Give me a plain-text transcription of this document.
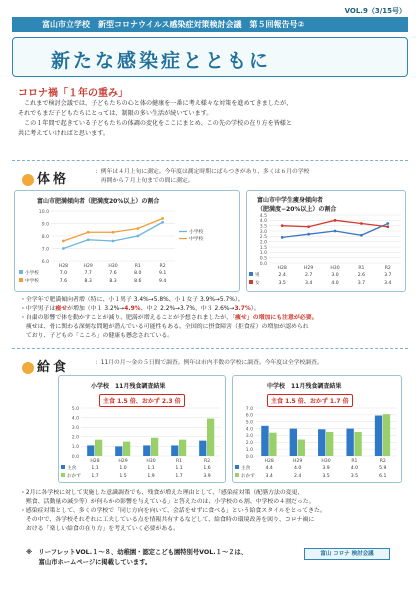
VOL.9（3/15号）
富山市立学校　新型コロナウイルス感染症対策検討会議　第５回報告号②
新たな感染症とともに
コロナ禍「１年の重み」
　これまで検討会議では、子どもたちの心と体の健康を一番に考え様々な対策を進めてきましたが、
それでもまだ子どもたちにとっては、制限の多い生活が続いています。
　この１年間で起きている子どもたちの体調の変化をここにまとめ、この先の学校の在り方を皆様と
共に考えていければと思います。
体格	：例年は４月上旬に測定。今年度は測定時期にばらつきがあり、多くは６月の学校
　再開から７月上旬までの間に測定。
富山市肥満傾向者（肥満度20%以上）の割合
10.0
9.0
8.0
7.0
6.0
H28	H29	H30	R1	R2
小学校	7.0	7.7	7.6	8.0	9.1
中学校	7.6	8.3	8.3	8.6	9.4
小学校
中学校
富山市中学生痩身傾向者
（肥満度−20%以上）の割合
4.5
4.0
3.5
3.0
2.5
2.0
1.5
1.0
0.5
0.0
H28	H29	H30	R1	R2
男	2.4	2.7	3.0	2.6	3.7
女	3.5	3.4	4.0	3.7	3.4
・全学年で肥満傾向者増（特に、小１男子 3.4%→5.8%、小１女子 3.9%→5.7%）。
・中学男子は痩せが増加（中１ 3.2%→4.9%、中２ 2.2%→3.7%、中３ 2.6%→3.7%）。
・自粛の影響で体を動かすことが減り、肥満が増えることが予想されましたが、「痩せ」の増加にも注意が必要。
　痩せは、骨に関わる深刻な問題が潜んでいる可能性もある。全国的に摂食障害（拒食症）の増加が認められ
　ており、子どもの「こころ」の健康も懸念されている。
給食	：11月の月〜金の５日間で調査。例年は市内半数の学校に調査。今年度は全学校調査。
小学校　11月残食調査結果
5.0
4.0
3.0
2.0
1.0
0.0
H28	H29	H30	R1	R2
主食	1.1	1.0	1.1	1.1	1.6
おかず 1.7	1.5	1.9	1.7	3.9
主食 1.5 倍、おかず 2.3 倍
中学校　11月残食調査結果
7.0
6.0
5.0
4.0
3.0
2.0
1.0
0.0
H28	H29	H30	R1	R2
主食	4.4	4.0	3.9	4.0	5.9
おかず 3.4	2.4	3.5	3.5	6.1
主食 1.5 倍、おかず 1.7 倍
・2月に各学校に対して実施した意識調査でも、残食が増えた理由として、「感染症対策（配膳方法の変更、
　黙食、活動量の減少等）が何らかの影響を与えている」と答えたのは、小学校の６割、中学校の４割だった。
・感染症対策として、多くの学校で「同じ方向を向いて、会話をせずに食べる」という給食スタイルをとってきた。
　その中で、各学校それぞれに工夫している点を情報共有するなどして、給食時の環境改善を図り、コロナ禍に
　おける「楽しい給食の在り方」を考えていく必要がある。
※　リーフレットVOL.１〜８、幼稚園・認定こども園特別号VOL.１〜２は、
　　富山市ホームページに掲載しています。
富山 コロナ 検討会議
